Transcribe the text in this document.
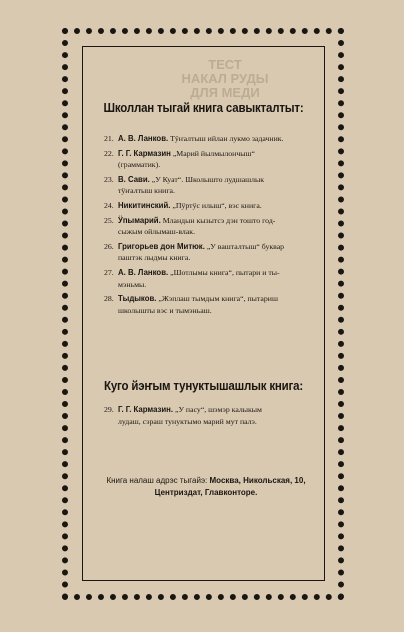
ТЕСТ
НАКАЛ РУДЫ
ДЛЯ МЕДИ
Школлан тыгай книга савыкталтыт:
21. А. В. Ланков. Тӱҥалтыш ийлан лукмо задачник.
22. Г. Г. Кармазин „Марий йылмылончыш“
(грамматик).
23. В. Сави. „У Куат“. Школышто лудшашлык
тӱҥалтыш книга.
24. Никитинский. „Пӱртӱс илыш“, вэс книга.
25. Ӱпымарий. Мландын кызытсэ дэн тошто год-
сыжым ойлымаш-влак.
26. Григорьев дон Митюк. „У вашталтыш“ буквар
паштэк лыдмы книга.
27. А. В. Ланков. „Шотлымы книга“, пытари и ты-
мэньмы.
28. Тыдыков. „Жэплаш тымдым книга“, пытариш
школышты вэс и тымэньаш.
Куго йэҥым тунуктышашлык книга:
29. Г. Г. Кармазин. „У пасу“, шэмэр калыкым
лудаш, сэраш тунуктымо марий мут палэ.
Книга налаш адрэс тыгайэ: Москва, Никольская, 10,
Центриздат, Главконторе.
